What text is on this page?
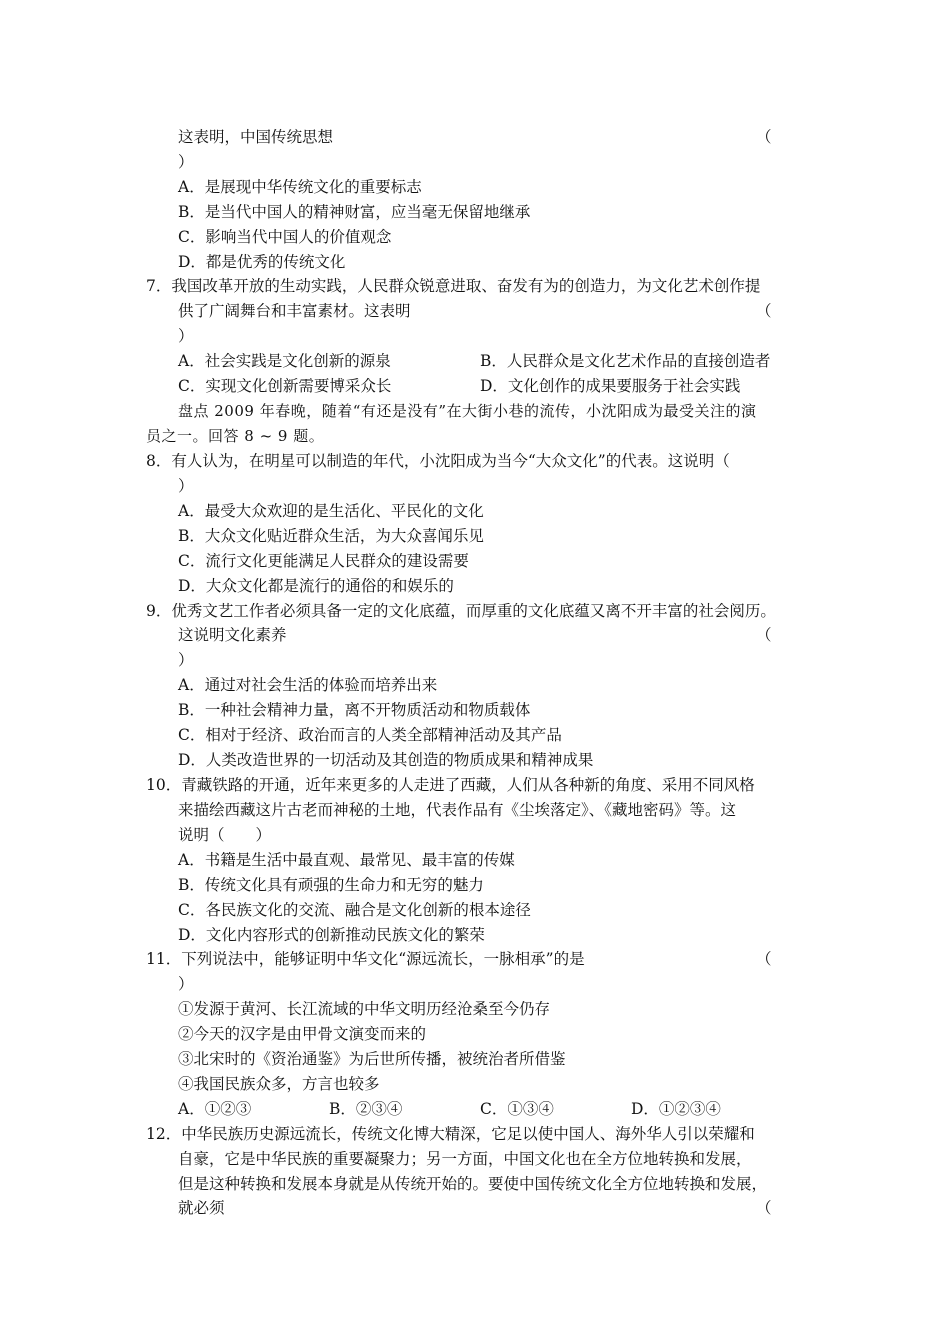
这表明，中国传统思想	（
）
A．是展现中华传统文化的重要标志
B．是当代中国人的精神财富，应当毫无保留地继承
C．影响当代中国人的价值观念
D．都是优秀的传统文化
7．我国改革开放的生动实践，人民群众锐意进取、奋发有为的创造力，为文化艺术创作提
供了广阔舞台和丰富素材。这表明	（
）
A．社会实践是文化创新的源泉	B．人民群众是文化艺术作品的直接创造者
C．实现文化创新需要博采众长	D．文化创作的成果要服务于社会实践
盘点 2009 年春晚，随着“有还是没有”在大街小巷的流传，小沈阳成为最受关注的演
员之一。回答 8 ~ 9 题。
8．有人认为，在明星可以制造的年代，小沈阳成为当今“大众文化”的代表。这说明（
）
A．最受大众欢迎的是生活化、平民化的文化
B．大众文化贴近群众生活，为大众喜闻乐见
C．流行文化更能满足人民群众的建设需要
D．大众文化都是流行的通俗的和娱乐的
9．优秀文艺工作者必须具备一定的文化底蕴，而厚重的文化底蕴又离不开丰富的社会阅历。
这说明文化素养	（
）
A．通过对社会生活的体验而培养出来
B．一种社会精神力量，离不开物质活动和物质载体
C．相对于经济、政治而言的人类全部精神活动及其产品
D．人类改造世界的一切活动及其创造的物质成果和精神成果
10．青藏铁路的开通，近年来更多的人走进了西藏，人们从各种新的角度、采用不同风格
来描绘西藏这片古老而神秘的土地，代表作品有《尘埃落定》、《藏地密码》等。这
说明（　　）
A．书籍是生活中最直观、最常见、最丰富的传媒
B．传统文化具有顽强的生命力和无穷的魅力
C．各民族文化的交流、融合是文化创新的根本途径
D．文化内容形式的创新推动民族文化的繁荣
11．下列说法中，能够证明中华文化“源远流长，一脉相承”的是	（
）
①发源于黄河、长江流域的中华文明历经沧桑至今仍存
②今天的汉字是由甲骨文演变而来的
③北宋时的《资治通鉴》为后世所传播，被统治者所借鉴
④我国民族众多，方言也较多
A．①②③	B．②③④	C．①③④	D．①②③④
12．中华民族历史源远流长，传统文化博大精深，它足以使中国人、海外华人引以荣耀和
自豪，它是中华民族的重要凝聚力；另一方面，中国文化也在全方位地转换和发展，
但是这种转换和发展本身就是从传统开始的。要使中国传统文化全方位地转换和发展，
就必须	（
